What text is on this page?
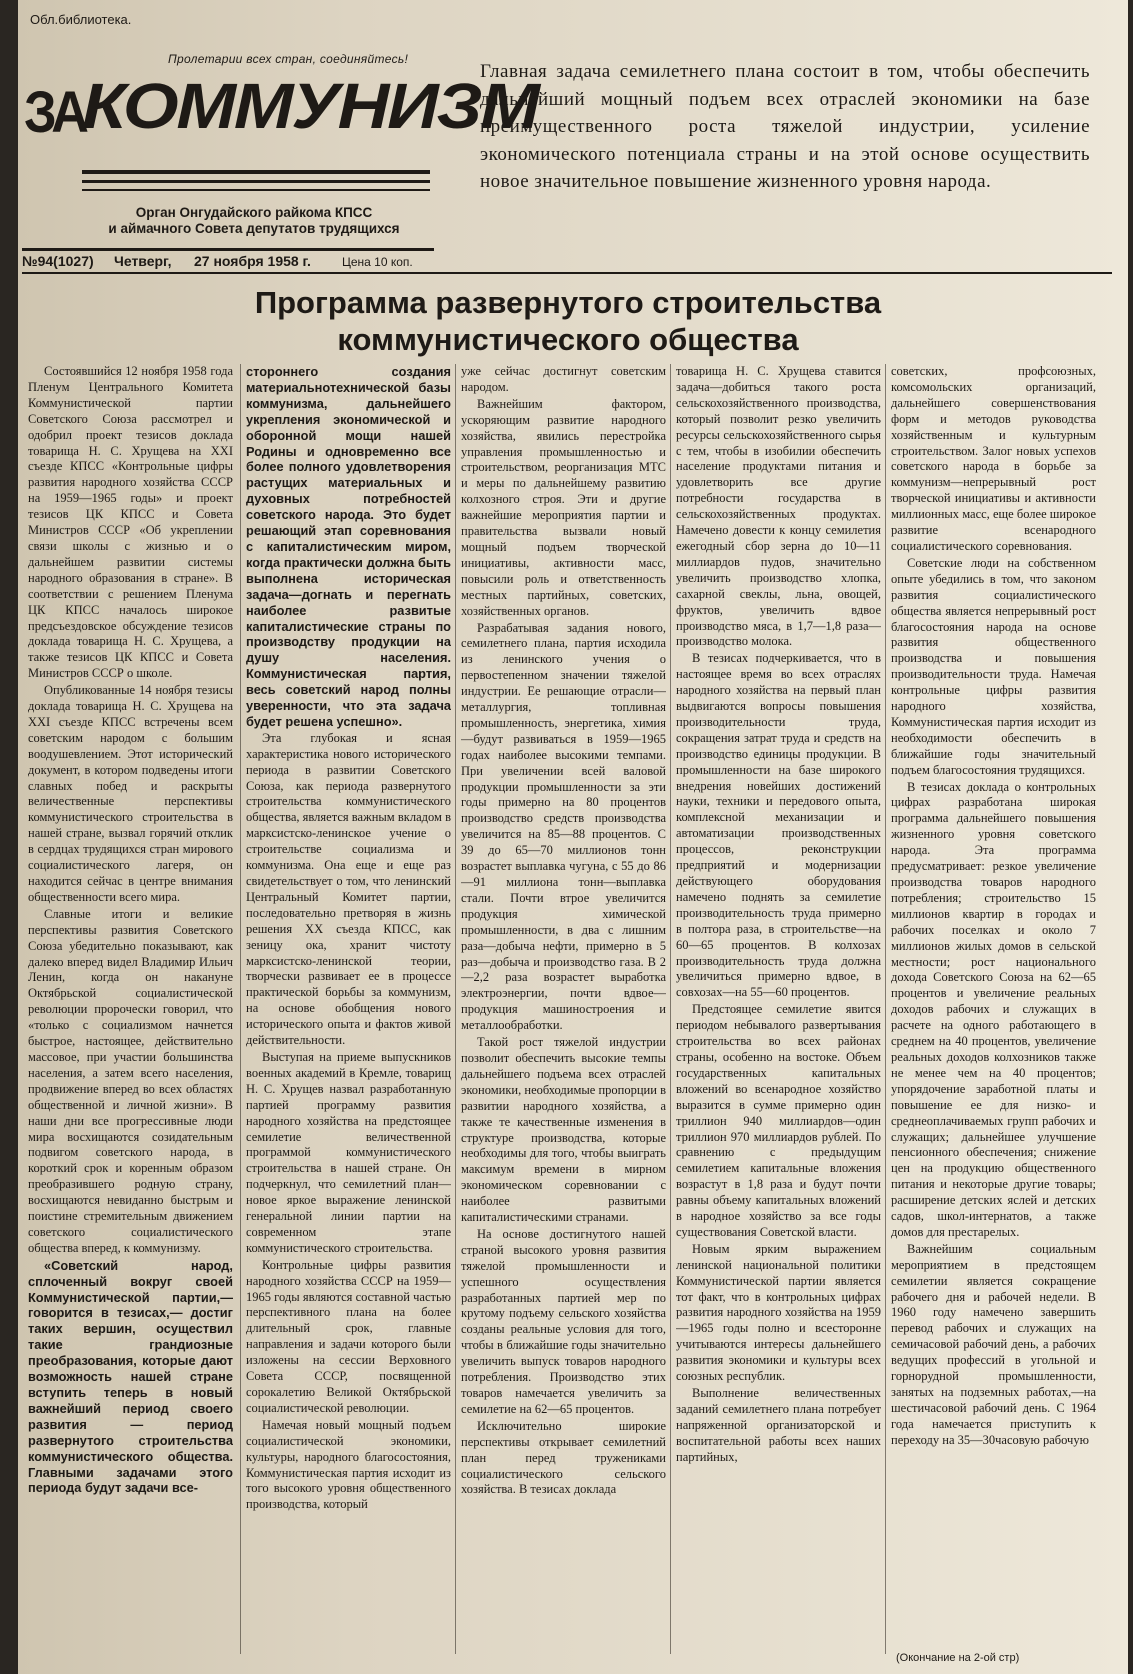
Обл.библиотека.
Пролетарии всех стран, соединяйтесь!
ЗА
КОММУНИЗМ
Орган Онгудайского райкома КПСС
и аймачного Совета депутатов трудящихся
Главная задача семилетнего плана состоит в том, чтобы обеспечить дальнейший мощный подъем всех отраслей экономики на базе преимущественного роста тяжелой индустрии, усиление экономического потенциала страны и на этой основе осуществить новое значительное повышение жизненного уровня народа.
№94(1027) Четверг, 27 ноября 1958 г.	Цена 10 коп.
Программа развернутого строительства
коммунистического общества

Состоявшийся 12 ноября 1958 года Пленум Центрального Комитета Коммунистической партии Советского Союза рассмотрел и одобрил проект тезисов доклада товарища Н. С. Хрущева на XXI съезде КПСС «Контрольные цифры развития народного хозяйства СССР на 1959—1965 годы» и проект тезисов ЦК КПСС и Совета Министров СССР «Об укреплении связи школы с жизнью и о дальнейшем развитии системы народного образования в стране». В соответствии с решением Пленума ЦК КПСС началось широкое предсъездовское обсуждение тезисов доклада товарища Н. С. Хрущева, а также тезисов ЦК КПСС и Совета Министров СССР о школе.

Опубликованные 14 ноября тезисы доклада товарища Н. С. Хрущева на XXI съезде КПСС встречены всем советским народом с большим воодушевлением. Этот исторический документ, в котором подведены итоги славных побед и раскрыты величественные перспективы коммунистического строительства в нашей стране, вызвал горячий отклик в сердцах трудящихся стран мирового социалистического лагеря, он находится сейчас в центре внимания общественности всего мира.

Славные итоги и великие перспективы развития Советского Союза убедительно показывают, как далеко вперед видел Владимир Ильич Ленин, когда он накануне Октябрьской социалистической революции пророчески говорил, что «только с социализмом начнется быстрое, настоящее, действительно массовое, при участии большинства населения, а затем всего населения, продвижение вперед во всех областях общественной и личной жизни». В наши дни все прогрессивные люди мира восхищаются созидательным подвигом советского народа, в короткий срок и коренным образом преобразившего родную страну, восхищаются невиданно быстрым и поистине стремительным движением советского социалистического общества вперед, к коммунизму.

«Советский народ, сплоченный вокруг своей Коммунистической партии,— говорится в тезисах,— достиг таких вершин, осуществил такие грандиозные преобразования, которые дают возможность нашей стране вступить теперь в новый важнейший период своего развития — период развернутого строительства коммунистического общества. Главными задачами этого периода будут задачи все-

стороннего создания материальнотехнической базы коммунизма, дальнейшего укрепления экономической и оборонной мощи нашей Родины и одновременно все более полного удовлетворения растущих материальных и духовных потребностей советского народа. Это будет решающий этап соревнования с капиталистическим миром, когда практически должна быть выполнена историческая задача—догнать и перегнать наиболее развитые капиталистические страны по производству продукции на душу населения. Коммунистическая партия, весь советский народ полны уверенности, что эта задача будет решена успешно».

Эта глубокая и ясная характеристика нового исторического периода в развитии Советского Союза, как периода развернутого строительства коммунистического общества, является важным вкладом в марксистско-ленинское учение о строительстве социализма и коммунизма. Она еще и еще раз свидетельствует о том, что ленинский Центральный Комитет партии, последовательно претворяя в жизнь решения XX съезда КПСС, как зеницу ока, хранит чистоту марксистско-ленинской теории, творчески развивает ее в процессе практической борьбы за коммунизм, на основе обобщения нового исторического опыта и фактов живой действительности.

Выступая на приеме выпускников военных академий в Кремле, товарищ Н. С. Хрущев назвал разработанную партией программу развития народного хозяйства на предстоящее семилетие величественной программой коммунистического строительства в нашей стране. Он подчеркнул, что семилетний план—новое яркое выражение ленинской генеральной линии партии на современном этапе коммунистического строительства.

Контрольные цифры развития народного хозяйства СССР на 1959—1965 годы являются составной частью перспективного плана на более длительный срок, главные направления и задачи которого были изложены на сессии Верховного Совета СССР, посвященной сорокалетию Великой Октябрьской социалистической революции.

Намечая новый мощный подъем социалистической экономики, культуры, народного благосостояния, Коммунистическая партия исходит из того высокого уровня общественного производства, который

уже сейчас достигнут советским народом.

Важнейшим фактором, ускоряющим развитие народного хозяйства, явились перестройка управления промышленностью и строительством, реорганизация МТС и меры по дальнейшему развитию колхозного строя. Эти и другие важнейшие мероприятия партии и правительства вызвали новый мощный подъем творческой инициативы, активности масс, повысили роль и ответственность местных партийных, советских, хозяйственных органов.

Разрабатывая задания нового, семилетнего плана, партия исходила из ленинского учения о первостепенном значении тяжелой индустрии. Ее решающие отрасли—металлургия, топливная промышленность, энергетика, химия—будут развиваться в 1959—1965 годах наиболее высокими темпами. При увеличении всей валовой продукции промышленности за эти годы примерно на 80 процентов производство средств производства увеличится на 85—88 процентов. С 39 до 65—70 миллионов тонн возрастет выплавка чугуна, с 55 до 86—91 миллиона тонн—выплавка стали. Почти втрое увеличится продукция химической промышленности, в два с лишним раза—добыча нефти, примерно в 5 раз—добыча и производство газа. В 2—2,2 раза возрастет выработка электроэнергии, почти вдвое—продукция машиностроения и металлообработки.

Такой рост тяжелой индустрии позволит обеспечить высокие темпы дальнейшего подъема всех отраслей экономики, необходимые пропорции в развитии народного хозяйства, а также те качественные изменения в структуре производства, которые необходимы для того, чтобы выиграть максимум времени в мирном экономическом соревновании с наиболее развитыми капиталистическими странами.

На основе достигнутого нашей страной высокого уровня развития тяжелой промышленности и успешного осуществления разработанных партией мер по крутому подъему сельского хозяйства созданы реальные условия для того, чтобы в ближайшие годы значительно увеличить выпуск товаров народного потребления. Производство этих товаров намечается увеличить за семилетие на 62—65 процентов.

Исключительно широкие перспективы открывает семилетний план перед тружениками социалистического сельского хозяйства. В тезисах доклада

товарища Н. С. Хрущева ставится задача—добиться такого роста сельскохозяйственного производства, который позволит резко увеличить ресурсы сельскохозяйственного сырья с тем, чтобы в изобилии обеспечить население продуктами питания и удовлетворить все другие потребности государства в сельскохозяйственных продуктах. Намечено довести к концу семилетия ежегодный сбор зерна до 10—11 миллиардов пудов, значительно увеличить производство хлопка, сахарной свеклы, льна, овощей, фруктов, увеличить вдвое производство мяса, в 1,7—1,8 раза—производство молока.

В тезисах подчеркивается, что в настоящее время во всех отраслях народного хозяйства на первый план выдвигаются вопросы повышения производительности труда, сокращения затрат труда и средств на производство единицы продукции. В промышленности на базе широкого внедрения новейших достижений науки, техники и передового опыта, комплексной механизации и автоматизации производственных процессов, реконструкции предприятий и модернизации действующего оборудования намечено поднять за семилетие производительность труда примерно в полтора раза, в строительстве—на 60—65 процентов. В колхозах производительность труда должна увеличиться примерно вдвое, в совхозах—на 55—60 процентов.

Предстоящее семилетие явится периодом небывалого развертывания строительства во всех районах страны, особенно на востоке. Объем государственных капитальных вложений во всенародное хозяйство выразится в сумме примерно один триллион 940 миллиардов—один триллион 970 миллиардов рублей. По сравнению с предыдущим семилетием капитальные вложения возрастут в 1,8 раза и будут почти равны объему капитальных вложений в народное хозяйство за все годы существования Советской власти.

Новым ярким выражением ленинской национальной политики Коммунистической партии является тот факт, что в контрольных цифрах развития народного хозяйства на 1959—1965 годы полно и всесторонне учитываются интересы дальнейшего развития экономики и культуры всех союзных республик.

Выполнение величественных заданий семилетнего плана потребует напряженной организаторской и воспитательной работы всех наших партийных,

советских, профсоюзных, комсомольских организаций, дальнейшего совершенствования форм и методов руководства хозяйственным и культурным строительством. Залог новых успехов советского народа в борьбе за коммунизм—непрерывный рост творческой инициативы и активности миллионных масс, еще более широкое развитие всенародного социалистического соревнования.

Советские люди на собственном опыте убедились в том, что законом развития социалистического общества является непрерывный рост благосостояния народа на основе развития общественного производства и повышения производительности труда. Намечая контрольные цифры развития народного хозяйства, Коммунистическая партия исходит из необходимости обеспечить в ближайшие годы значительный подъем благосостояния трудящихся.

В тезисах доклада о контрольных цифрах разработана широкая программа дальнейшего повышения жизненного уровня советского народа. Эта программа предусматривает: резкое увеличение производства товаров народного потребления; строительство 15 миллионов квартир в городах и рабочих поселках и около 7 миллионов жилых домов в сельской местности; рост национального дохода Советского Союза на 62—65 процентов и увеличение реальных доходов рабочих и служащих в расчете на одного работающего в среднем на 40 процентов, увеличение реальных доходов колхозников также не менее чем на 40 процентов; упорядочение заработной платы и повышение ее для низко- и среднеоплачиваемых групп рабочих и служащих; дальнейшее улучшение пенсионного обеспечения; снижение цен на продукцию общественного питания и некоторые другие товары; расширение детских яслей и детских садов, школ-интернатов, а также домов для престарелых.

Важнейшим социальным мероприятием в предстоящем семилетии является сокращение рабочего дня и рабочей недели. В 1960 году намечено завершить перевод рабочих и служащих на семичасовой рабочий день, а рабочих ведущих профессий в угольной и горнорудной промышленности, занятых на подземных работах,—на шестичасовой рабочий день. С 1964 года намечается приступить к переходу на 35—30часовую рабочую

(Окончание на 2-ой стр)
